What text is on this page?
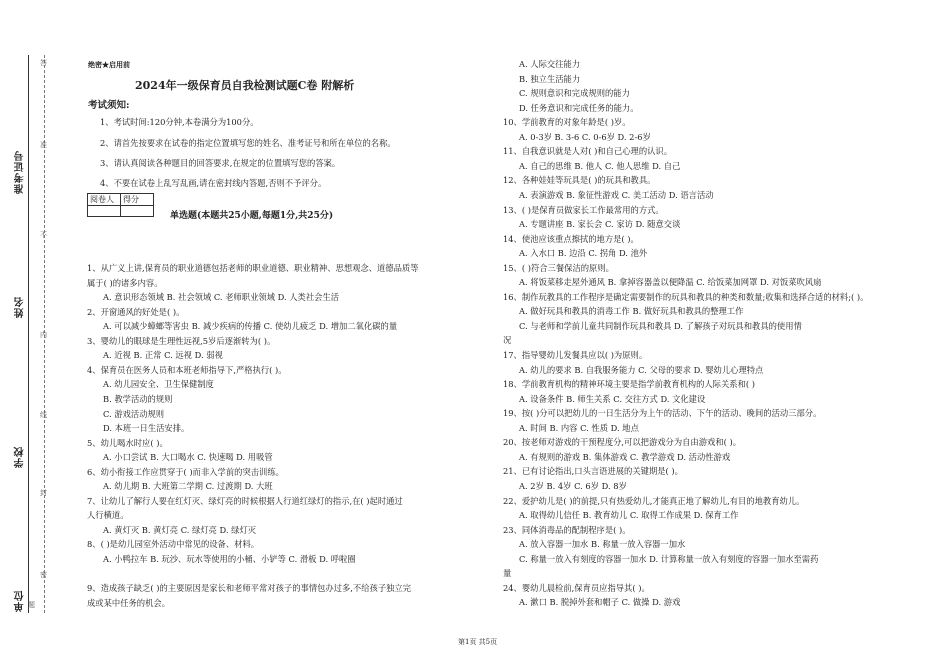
准考证号
姓名
学校
单位 题
答
准
不
内
线
封
密
绝密★启用前
2024年一级保育员自我检测试题C卷 附解析
考试须知:
1、考试时间:120分钟,本卷满分为100分。
2、请首先按要求在试卷的指定位置填写您的姓名、准考证号和所在单位的名称。
3、请认真阅读各种题目的回答要求,在规定的位置填写您的答案。
4、不要在试卷上乱写乱画,请在密封线内答题,否则不予评分。
阅卷人	得分

单选题(本题共25小题,每题1分,共25分)
1、从广义上讲,保育员的职业道德包括老师的职业道德、职业精神、思想观念、道德品质等
属于( )的诸多内容。
A. 意识形态领域 B. 社会领域 C. 老师职业领域 D. 人类社会生活
2、开窗通风的好处是( )。
A. 可以减少蟑螂等害虫 B. 减少疾病的传播 C. 使幼儿疲乏 D. 增加二氧化碳的量
3、婴幼儿的眼球是生理性远视,5岁后逐渐转为( )。
A. 近视 B. 正常 C. 远视 D. 弱视
4、保育员在医务人员和本班老师指导下,严格执行( )。
A. 幼儿园安全、卫生保健制度
B. 教学活动的规则
C. 游戏活动规则
D. 本班一日生活安排。
5、幼儿喝水时应( )。
A. 小口尝试 B. 大口喝水 C. 快速喝 D. 用吸管
6、幼小衔接工作应贯穿于( )而非入学前的突击训练。
A. 幼儿期 B. 大班第二学期 C. 过渡期 D. 大班
7、让幼儿了解行人要在红灯灭、绿灯亮的时候根据人行道红绿灯的指示,在( )起时通过
人行横道。
A. 黄灯灭 B. 黄灯亮 C. 绿灯亮 D. 绿灯灭
8、( )是幼儿园室外活动中常见的设备、材料。
A. 小鸭拉车 B. 玩沙、玩水等使用的小桶、小铲等 C. 滑板 D. 呼啦圈
9、造成孩子缺乏( )的主要原因是家长和老师平常对孩子的事情包办过多,不给孩子独立完
成或某中任务的机会。
A. 人际交往能力
B. 独立生活能力
C. 规则意识和完成规则的能力
D. 任务意识和完成任务的能力。
10、学前教育的对象年龄是( )岁。
A. 0-3岁 B. 3-6 C. 0-6岁 D. 2-6岁
11、自我意识就是人对( )和自己心理的认识。
A. 自己的思维 B. 他人 C. 他人思维 D. 自己
12、各种娃娃等玩具是( )的玩具和教具。
A. 表演游戏 B. 象征性游戏 C. 美工活动 D. 语言活动
13、( )是保育员做家长工作最常用的方式。
A. 专题讲座 B. 家长会 C. 家访 D. 随意交谈
14、使池应该重点擦拭的地方是( )。
A. 入水口 B. 边沿 C. 拐角 D. 池外
15、( )符合三餐保洁的原则。
A. 将饭菜移走屋外通风 B. 拿掉容器盖以便降温 C. 给饭菜加网罩 D. 对饭菜吹风扇
16、制作玩教具的工作程序是确定需要制作的玩具和教具的种类和数量;收集和选择合适的材料;( )。
A. 做好玩具和教具的消毒工作 B. 做好玩具和教具的整理工作
C. 与老师和学前儿童共同制作玩具和教具 D. 了解孩子对玩具和教具的使用情
况
17、指导婴幼儿发餐具应以( )为原则。
A. 幼儿的要求 B. 自我服务能力 C. 父母的要求 D. 婴幼儿心理特点
18、学前教育机构的精神环境主要是指学前教育机构的人际关系和( )
A. 设备条件 B. 师生关系 C. 交往方式 D. 文化建设
19、按( )分可以把幼儿的一日生活分为上午的活动、下午的活动、晚间的活动三部分。
A. 时间 B. 内容 C. 性质 D. 地点
20、按老师对游戏的干预程度分,可以把游戏分为自由游戏和( )。
A. 有规则的游戏 B. 集体游戏 C. 教学游戏 D. 活动性游戏
21、已有讨论指出,口头言语进展的关键期是( )。
A. 2岁 B. 4岁 C. 6岁 D. 8岁
22、爱护幼儿是( )的前提,只有热爱幼儿,才能真正地了解幼儿,有目的地教育幼儿。
A. 取得幼儿信任 B. 教育幼儿 C. 取得工作成果 D. 保育工作
23、同体消毒品的配制程序是( )。
A. 放入容器一加水 B. 称量一放入容器一加水
C. 称量一放入有刻度的容器一加水 D. 计算称量一放入有刻度的容器一加水至需药
量
24、婴幼儿晨检前,保育员应指导其( )。
A. 漱口 B. 脱掉外套和帽子 C. 做操 D. 游戏
第1页 共5页
